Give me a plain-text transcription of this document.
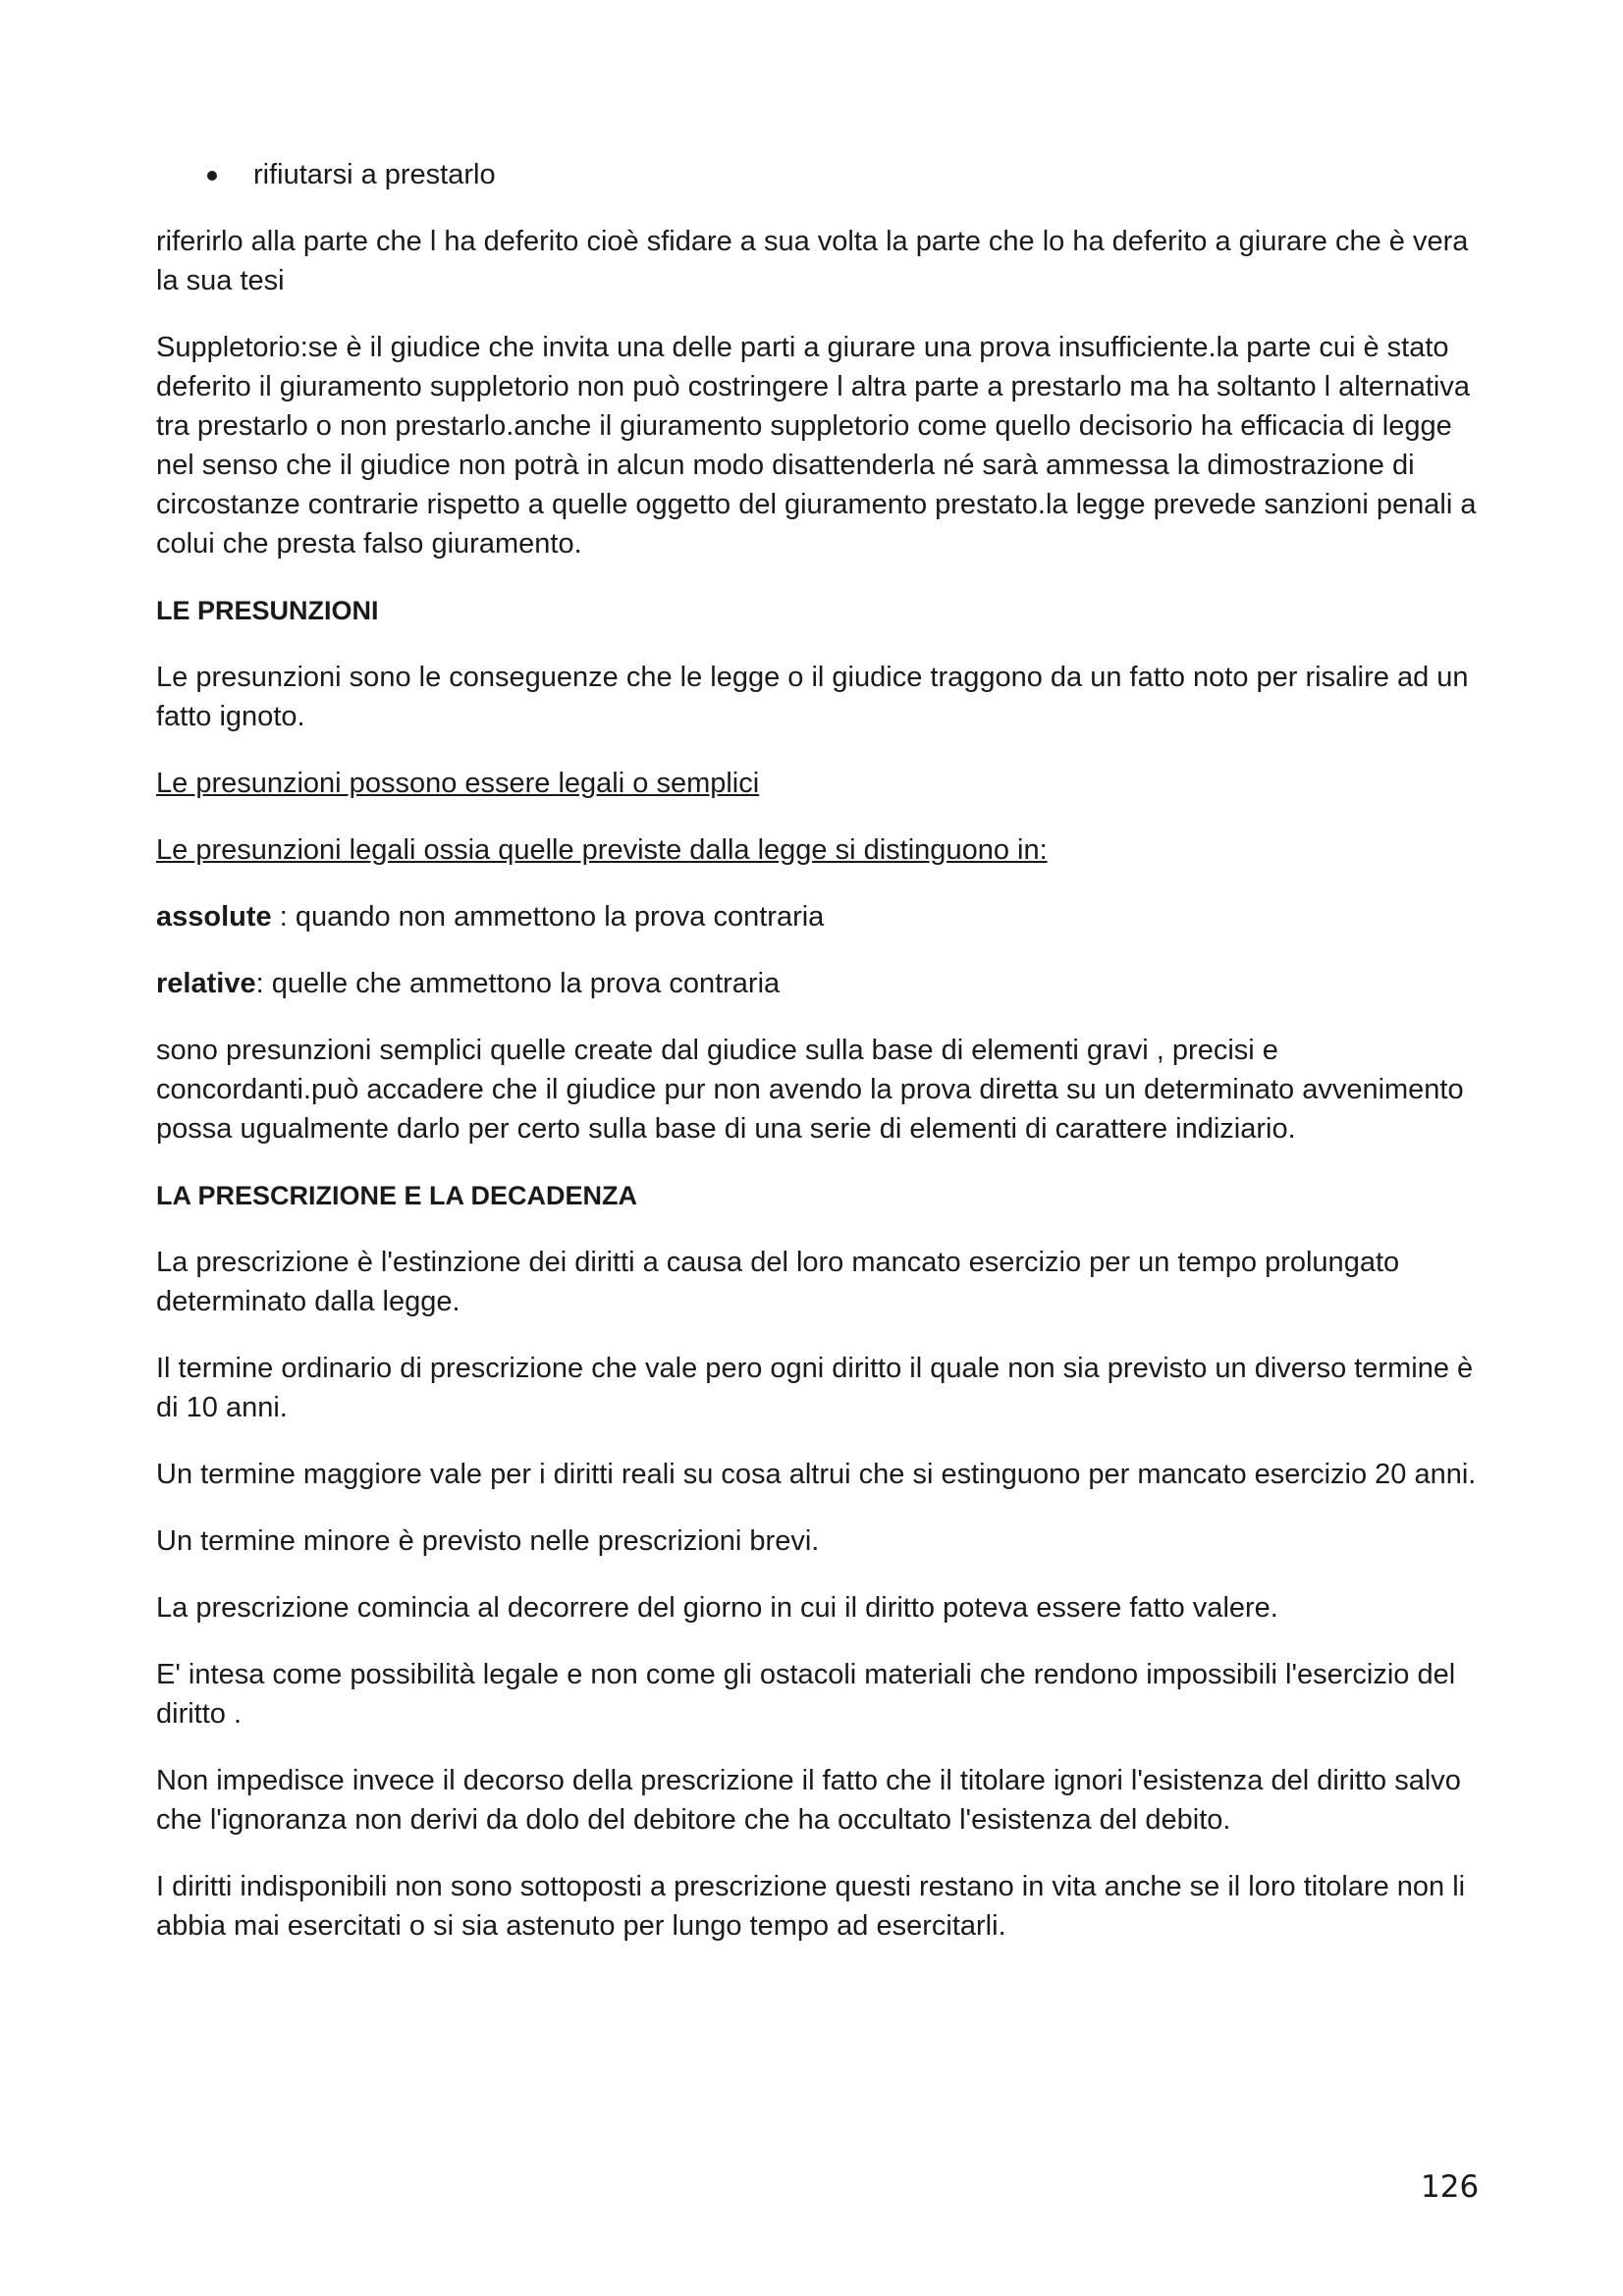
rifiutarsi a prestarlo

riferirlo alla parte che l ha deferito cioè sfidare a sua volta la parte che lo ha deferito a giurare che è vera la sua tesi

Suppletorio:se è il giudice che invita una delle parti a giurare una prova insufficiente.la parte cui è stato deferito il giuramento suppletorio non può costringere l altra parte a prestarlo ma ha soltanto l alternativa tra prestarlo o non prestarlo.anche il giuramento suppletorio come quello decisorio ha efficacia di legge nel senso che il giudice non potrà in alcun modo disattenderla né sarà ammessa la dimostrazione di circostanze contrarie rispetto a quelle oggetto del giuramento prestato.la legge prevede sanzioni penali a colui che presta falso giuramento.

LE PRESUNZIONI

Le presunzioni sono le conseguenze che le legge o il giudice traggono da un fatto noto per risalire ad un fatto ignoto.

Le presunzioni possono essere legali o semplici

Le presunzioni legali ossia quelle previste dalla legge si distinguono in:

assolute : quando non ammettono la prova contraria

relative: quelle che ammettono la prova contraria

sono presunzioni semplici quelle create dal giudice sulla base di elementi gravi , precisi e concordanti.può accadere che il giudice pur non avendo la prova diretta su un determinato avvenimento possa ugualmente darlo per certo sulla base di una serie di elementi di carattere indiziario.

LA PRESCRIZIONE E LA DECADENZA

La prescrizione è l'estinzione dei diritti a causa del loro mancato esercizio per un tempo prolungato determinato dalla legge.

Il termine ordinario di prescrizione che vale pero ogni diritto il quale non sia previsto un diverso termine è di 10 anni.

Un termine maggiore vale per i diritti reali su cosa altrui che si estinguono per mancato esercizio 20 anni.

Un termine minore è previsto nelle prescrizioni brevi.

La prescrizione comincia al decorrere del giorno in cui il diritto poteva essere fatto valere.

E' intesa come possibilità legale e non come gli ostacoli materiali che rendono impossibili l'esercizio del diritto .

Non impedisce invece il decorso della prescrizione il fatto che il titolare ignori l'esistenza del diritto salvo che l'ignoranza non derivi da dolo del debitore che ha occultato l'esistenza del debito.

I diritti indisponibili non sono sottoposti a prescrizione questi restano in vita anche se il loro titolare non li abbia mai esercitati o si sia astenuto per lungo tempo ad esercitarli.

126
